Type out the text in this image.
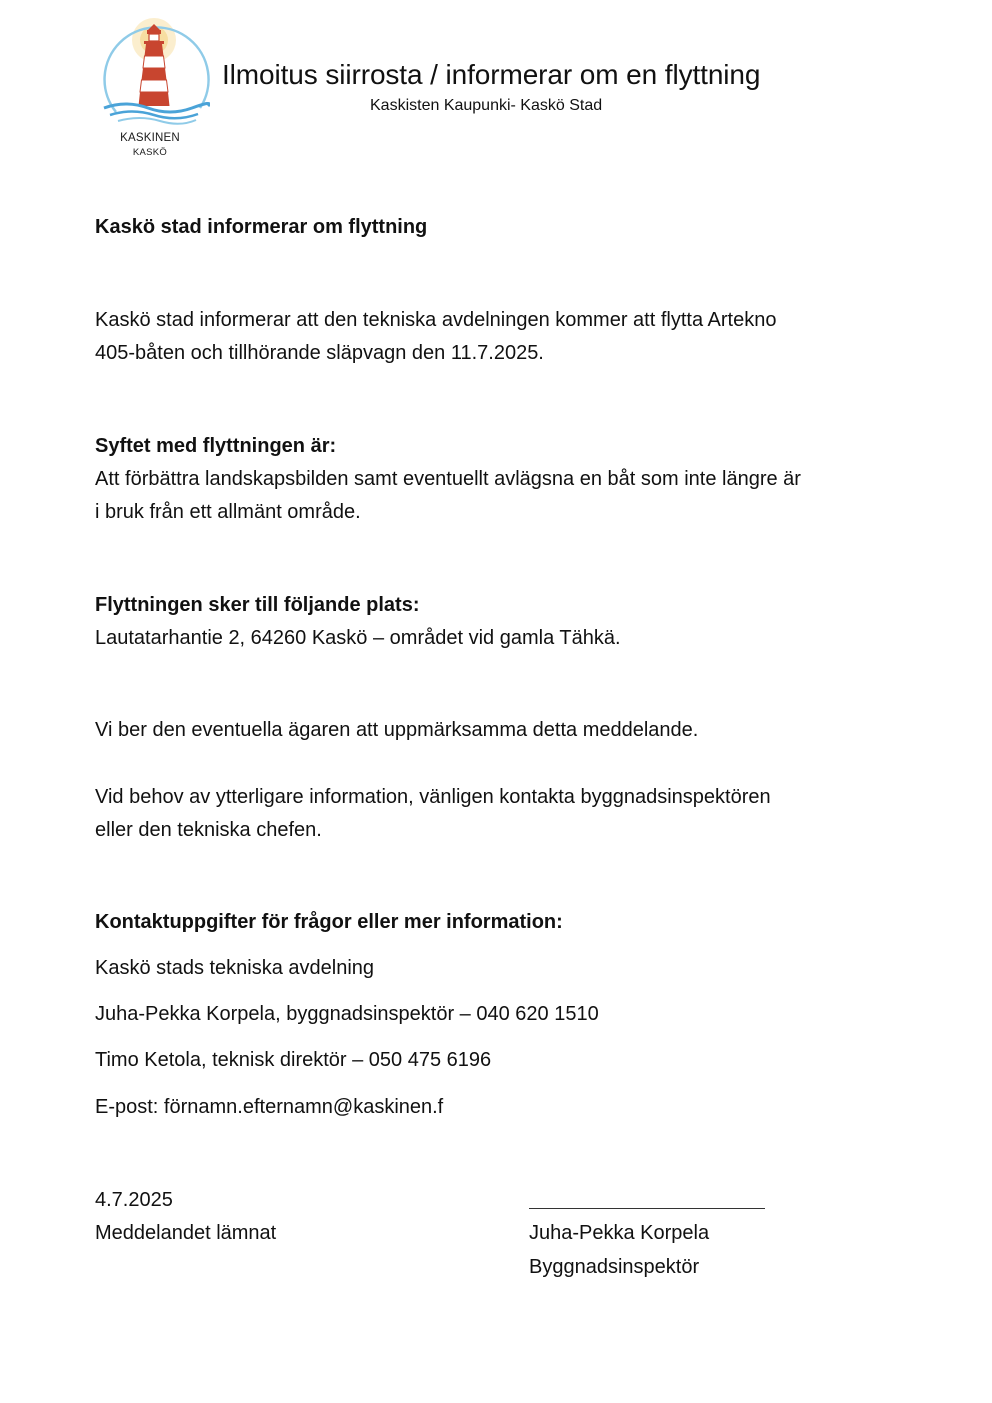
KASKINEN
KASKÖ
Ilmoitus siirrosta / informerar om en flyttning
Kaskisten Kaupunki- Kaskö Stad
Kaskö stad informerar om flyttning
Kaskö stad informerar att den tekniska avdelningen kommer att flytta Artekno
405-båten och tillhörande släpvagn den 11.7.2025.
Syftet med flyttningen är:
Att förbättra landskapsbilden samt eventuellt avlägsna en båt som inte längre är
i bruk från ett allmänt område.
Flyttningen sker till följande plats:
Lautatarhantie 2, 64260 Kaskö – området vid gamla Tähkä.
Vi ber den eventuella ägaren att uppmärksamma detta meddelande.
Vid behov av ytterligare information, vänligen kontakta byggnadsinspektören
eller den tekniska chefen.
Kontaktuppgifter för frågor eller mer information:
Kaskö stads tekniska avdelning
Juha-Pekka Korpela, byggnadsinspektör – 040 620 1510
Timo Ketola, teknisk direktör – 050 475 6196
E-post: förnamn.efternamn@kaskinen.f
4.7.2025
Meddelandet lämnat	Juha-Pekka Korpela
Byggnadsinspektör
